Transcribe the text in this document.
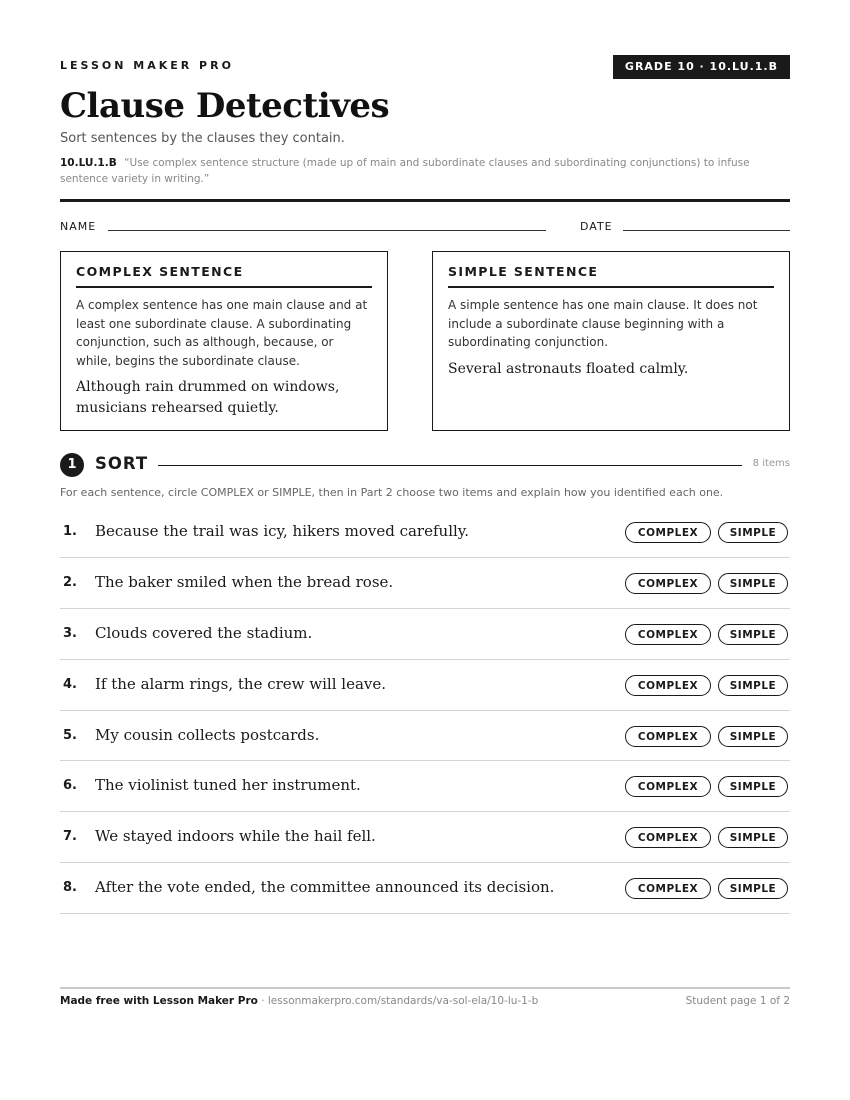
LESSON MAKER PRO	GRADE 10 · 10.LU.1.B
Clause Detectives
Sort sentences by the clauses they contain.
10.LU.1.B “Use complex sentence structure (made up of main and subordinate clauses and subordinating conjunctions) to infuse sentence variety in writing.”
NAME	DATE
COMPLEX SENTENCE
A complex sentence has one main clause and at least one subordinate clause. A subordinating conjunction, such as although, because, or while, begins the subordinate clause.
Although rain drummed on windows, musicians rehearsed quietly.
SIMPLE SENTENCE
A simple sentence has one main clause. It does not include a subordinate clause beginning with a subordinating conjunction.
Several astronauts floated calmly.
1	SORT	8 items
For each sentence, circle COMPLEX or SIMPLE, then in Part 2 choose two items and explain how you identified each one.
1. Because the trail was icy, hikers moved carefully.	COMPLEX	SIMPLE
2. The baker smiled when the bread rose.	COMPLEX	SIMPLE
3. Clouds covered the stadium.	COMPLEX	SIMPLE
4. If the alarm rings, the crew will leave.	COMPLEX	SIMPLE
5. My cousin collects postcards.	COMPLEX	SIMPLE
6. The violinist tuned her instrument.	COMPLEX	SIMPLE
7. We stayed indoors while the hail fell.	COMPLEX	SIMPLE
8. After the vote ended, the committee announced its decision.	COMPLEX	SIMPLE
Made free with Lesson Maker Pro · lessonmakerpro.com/standards/va-sol-ela/10-lu-1-b	Student page 1 of 2
